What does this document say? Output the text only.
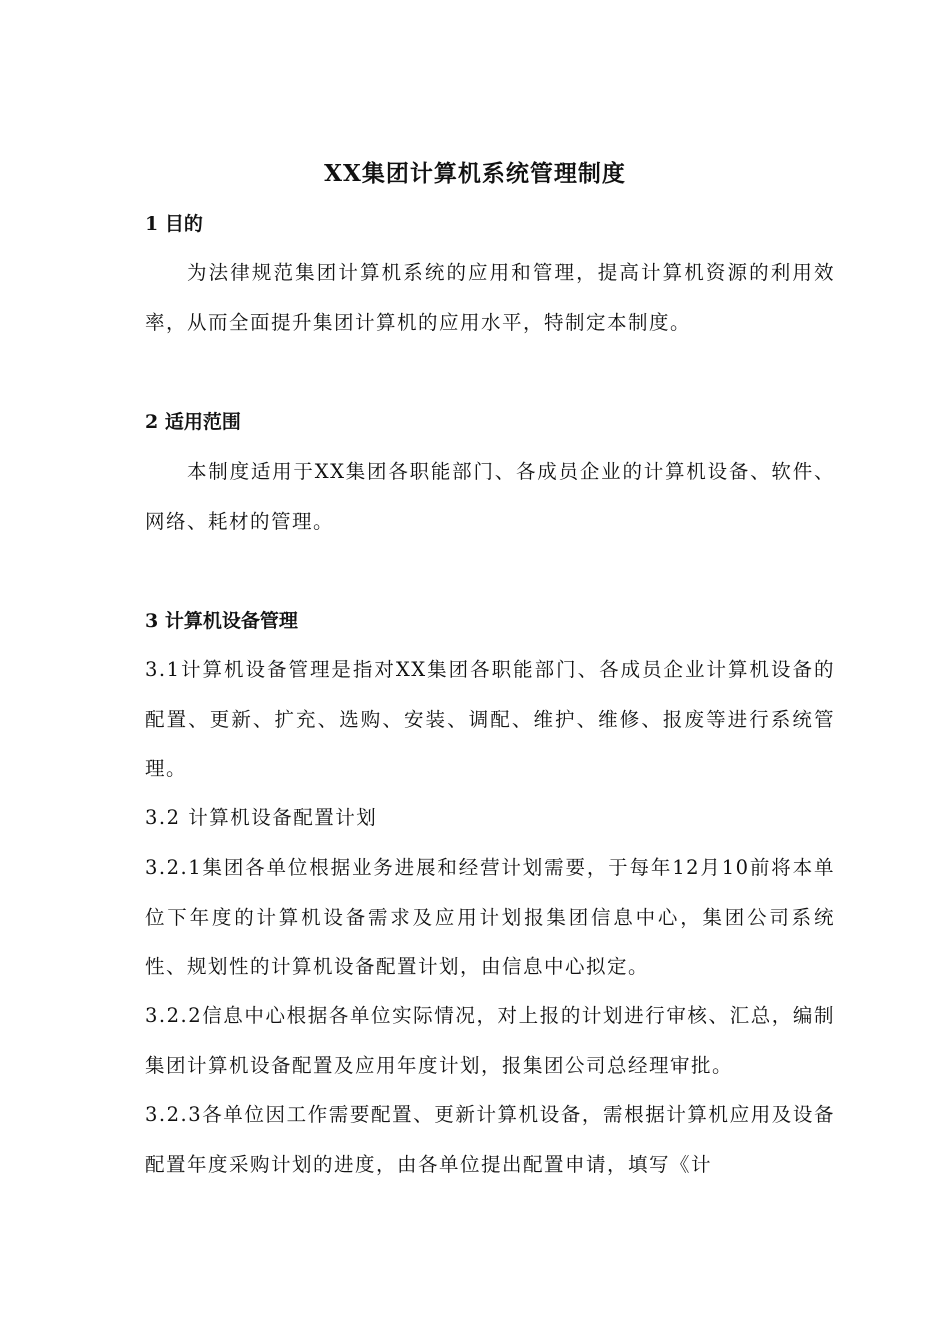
XX集团计算机系统管理制度
1 目的

为法律规范集团计算机系统的应用和管理，提高计算机资源的利用效率，从而全面提升集团计算机的应用水平，特制定本制度。

2 适用范围

本制度适用于XX集团各职能部门、各成员企业的计算机设备、软件、网络、耗材的管理。

3 计算机设备管理

3.1计算机设备管理是指对XX集团各职能部门、各成员企业计算机设备的配置、更新、扩充、选购、安装、调配、维护、维修、报废等进行系统管理。

3.2 计算机设备配置计划

3.2.1集团各单位根据业务进展和经营计划需要，于每年12月10前将本单位下年度的计算机设备需求及应用计划报集团信息中心，集团公司系统性、规划性的计算机设备配置计划，由信息中心拟定。

3.2.2信息中心根据各单位实际情况，对上报的计划进行审核、汇总，编制集团计算机设备配置及应用年度计划，报集团公司总经理审批。

3.2.3各单位因工作需要配置、更新计算机设备，需根据计算机应用及设备配置年度采购计划的进度，由各单位提出配置申请，填写《计
